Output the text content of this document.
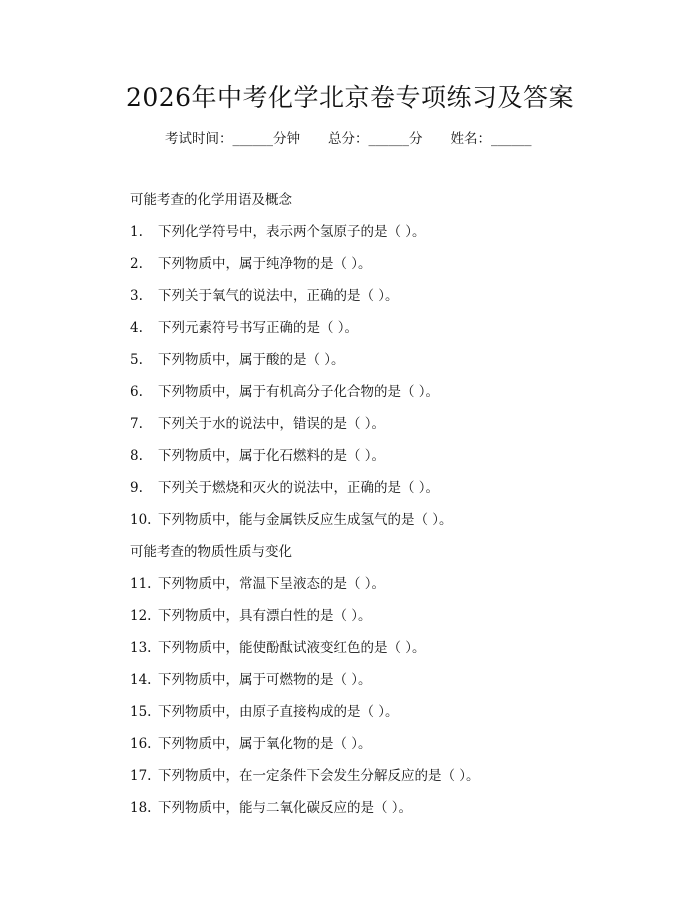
2026年中考化学北京卷专项练习及答案
考试时间：______分钟 总分：______分 姓名：______
可能考查的化学用语及概念
1. 下列化学符号中，表示两个氢原子的是（ ）。
2. 下列物质中，属于纯净物的是（ ）。
3. 下列关于氧气的说法中，正确的是（ ）。
4. 下列元素符号书写正确的是（ ）。
5. 下列物质中，属于酸的是（ ）。
6. 下列物质中，属于有机高分子化合物的是（ ）。
7. 下列关于水的说法中，错误的是（ ）。
8. 下列物质中，属于化石燃料的是（ ）。
9. 下列关于燃烧和灭火的说法中，正确的是（ ）。
10. 下列物质中，能与金属铁反应生成氢气的是（ ）。
可能考查的物质性质与变化
11. 下列物质中，常温下呈液态的是（ ）。
12. 下列物质中，具有漂白性的是（ ）。
13. 下列物质中，能使酚酞试液变红色的是（ ）。
14. 下列物质中，属于可燃物的是（ ）。
15. 下列物质中，由原子直接构成的是（ ）。
16. 下列物质中，属于氧化物的是（ ）。
17. 下列物质中，在一定条件下会发生分解反应的是（ ）。
18. 下列物质中，能与二氧化碳反应的是（ ）。
